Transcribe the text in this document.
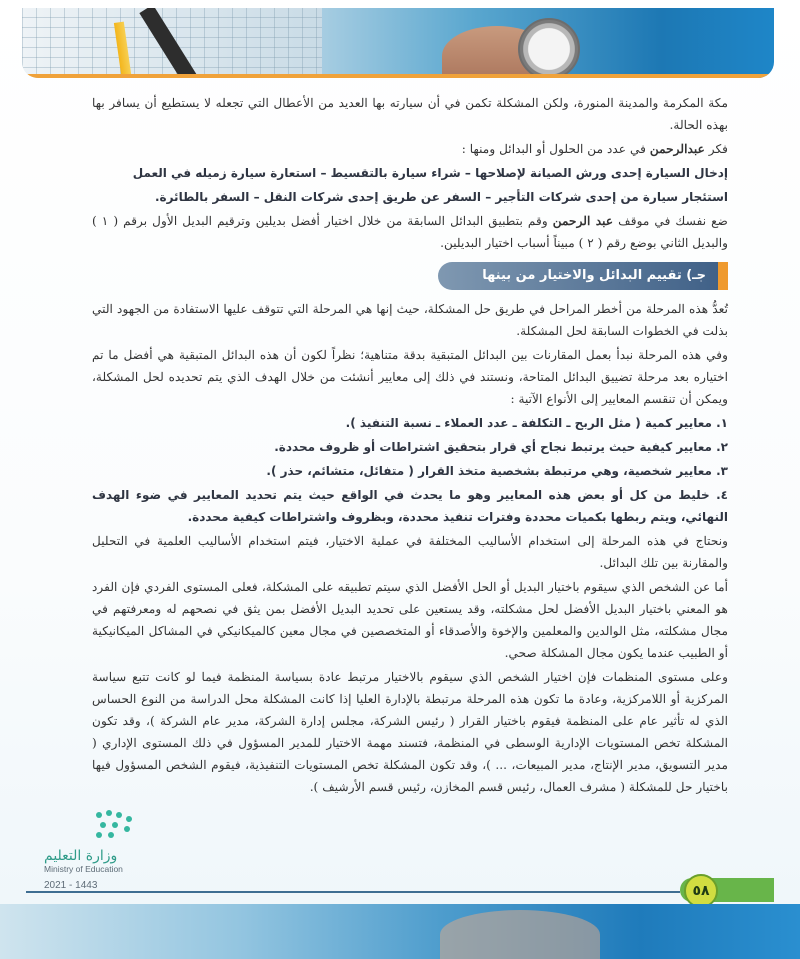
مكة المكرمة والمدينة المنورة، ولكن المشكلة تكمن في أن سيارته بها العديد من الأعطال التي تجعله لا يستطيع أن يسافر بها بهذه الحالة.

فكر عبدالرحمن في عدد من الحلول أو البدائل ومنها :

إدخال السيارة إحدى ورش الصيانة لإصلاحها – شراء سيارة بالتقسيط – استعارة سيارة زميله في العمل

استئجار سيارة من إحدى شركات التأجير – السفر عن طريق إحدى شركات النقل – السفر بالطائرة.

ضع نفسك في موقف عبد الرحمن وقم بتطبيق البدائل السابقة من خلال اختيار أفضل بديلين وترقيم البديل الأول برقم ( ١ ) والبديل الثاني بوضع رقم ( ٢ ) مبيناً أسباب اختيار البديلين.

جـ) تقييم البدائل والاختيار من بينها

تُعدُّ هذه المرحلة من أخطر المراحل في طريق حل المشكلة، حيث إنها هي المرحلة التي تتوقف عليها الاستفادة من الجهود التي بذلت في الخطوات السابقة لحل المشكلة.

وفي هذه المرحلة نبدأ بعمل المقارنات بين البدائل المتبقية بدقة متناهية؛ نظراً لكون أن هذه البدائل المتبقية هي أفضل ما تم اختياره بعد مرحلة تضييق البدائل المتاحة، ونستند في ذلك إلى معايير أنشئت من خلال الهدف الذي يتم تحديده لحل المشكلة، ويمكن أن تنقسم المعايير إلى الأنواع الآتية :

١. معايير كمية ( مثل الربح ـ التكلفة ـ عدد العملاء ـ نسبة التنفيذ ).

٢. معايير كيفية حيث يرتبط نجاح أي قرار بتحقيق اشتراطات أو ظروف محددة.

٣. معايير شخصية، وهي مرتبطة بشخصية متخذ القرار ( متفائل، متشائم، حذر ).

٤. خليط من كل أو بعض هذه المعايير وهو ما يحدث في الواقع حيث يتم تحديد المعايير في ضوء الهدف النهائي، ويتم ربطها بكميات محددة وفترات تنفيذ محددة، وبظروف واشتراطات كيفية محددة.

ونحتاج في هذه المرحلة إلى استخدام الأساليب المختلفة في عملية الاختيار، فيتم استخدام الأساليب العلمية في التحليل والمقارنة بين تلك البدائل.

أما عن الشخص الذي سيقوم باختيار البديل أو الحل الأفضل الذي سيتم تطبيقه على المشكلة، فعلى المستوى الفردي فإن الفرد هو المعني باختيار البديل الأفضل لحل مشكلته، وقد يستعين على تحديد البديل الأفضل بمن يثق في نصحهم له ومعرفتهم في مجال مشكلته، مثل الوالدين والمعلمين والإخوة والأصدقاء أو المتخصصين في مجال معين كالميكانيكي في المشاكل الميكانيكية أو الطبيب عندما يكون مجال المشكلة صحي.

وعلى مستوى المنظمات فإن اختيار الشخص الذي سيقوم بالاختيار مرتبط عادة بسياسة المنظمة فيما لو كانت تتبع سياسة المركزية أو اللامركزية، وعادة ما تكون هذه المرحلة مرتبطة بالإدارة العليا إذا كانت المشكلة محل الدراسة من النوع الحساس الذي له تأثير عام على المنظمة فيقوم باختيار القرار ( رئيس الشركة، مجلس إدارة الشركة، مدير عام الشركة )، وقد تكون المشكلة تخص المستويات الإدارية الوسطى في المنظمة، فتسند مهمة الاختيار للمدير المسؤول في ذلك المستوى الإداري ( مدير التسويق، مدير الإنتاج، مدير المبيعات، ... )، وقد تكون المشكلة تخص المستويات التنفيذية، فيقوم الشخص المسؤول فيها باختيار حل للمشكلة ( مشرف العمال، رئيس قسم المخازن، رئيس قسم الأرشيف ).

وزارة التعليم
Ministry of Education
2021 - 1443	٥٨
